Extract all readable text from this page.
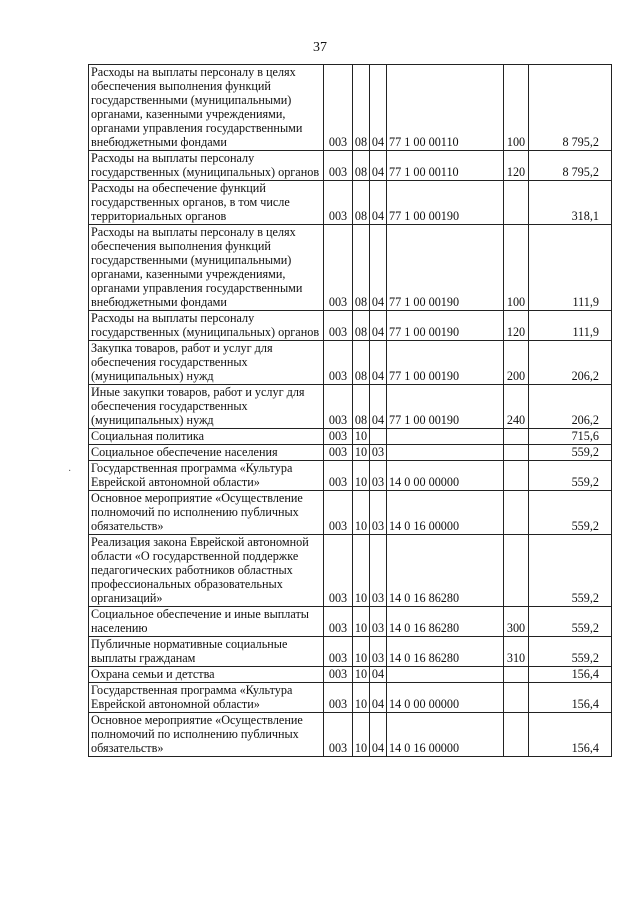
37
Расходы на выплаты персоналу в целях обеспечения выполнения функций государственными (муниципальными) органами, казенными учреждениями, органами управления государственными внебюджетными фондами	003	08	04	77 1 00 00110	100	8 795,2
Расходы на выплаты персоналу государственных (муниципальных) органов	003	08	04	77 1 00 00110	120	8 795,2
Расходы на обеспечение функций государственных органов, в том числе территориальных органов	003	08	04	77 1 00 00190		318,1
Расходы на выплаты персоналу в целях обеспечения выполнения функций государственными (муниципальными) органами, казенными учреждениями, органами управления государственными внебюджетными фондами	003	08	04	77 1 00 00190	100	111,9
Расходы на выплаты персоналу государственных (муниципальных) органов	003	08	04	77 1 00 00190	120	111,9
Закупка товаров, работ и услуг для обеспечения государственных (муниципальных) нужд	003	08	04	77 1 00 00190	200	206,2
Иные закупки товаров, работ и услуг для обеспечения государственных (муниципальных) нужд	003	08	04	77 1 00 00190	240	206,2
Социальная политика	003	10				715,6
Социальное обеспечение населения	003	10	03			559,2
Государственная программа «Культура Еврейской автономной области»	003	10	03	14 0 00 00000		559,2
Основное мероприятие «Осуществление полномочий по исполнению публичных обязательств»	003	10	03	14 0 16 00000		559,2
Реализация закона Еврейской автономной области «О государственной поддержке педагогических работников областных профессиональных образовательных организаций»	003	10	03	14 0 16 86280		559,2
Социальное обеспечение и иные выплаты населению	003	10	03	14 0 16 86280	300	559,2
Публичные нормативные социальные выплаты гражданам	003	10	03	14 0 16 86280	310	559,2
Охрана семьи и детства	003	10	04			156,4
Государственная программа «Культура Еврейской автономной области»	003	10	04	14 0 00 00000		156,4
Основное мероприятие «Осуществление полномочий по исполнению публичных обязательств»	003	10	04	14 0 16 00000		156,4
·
